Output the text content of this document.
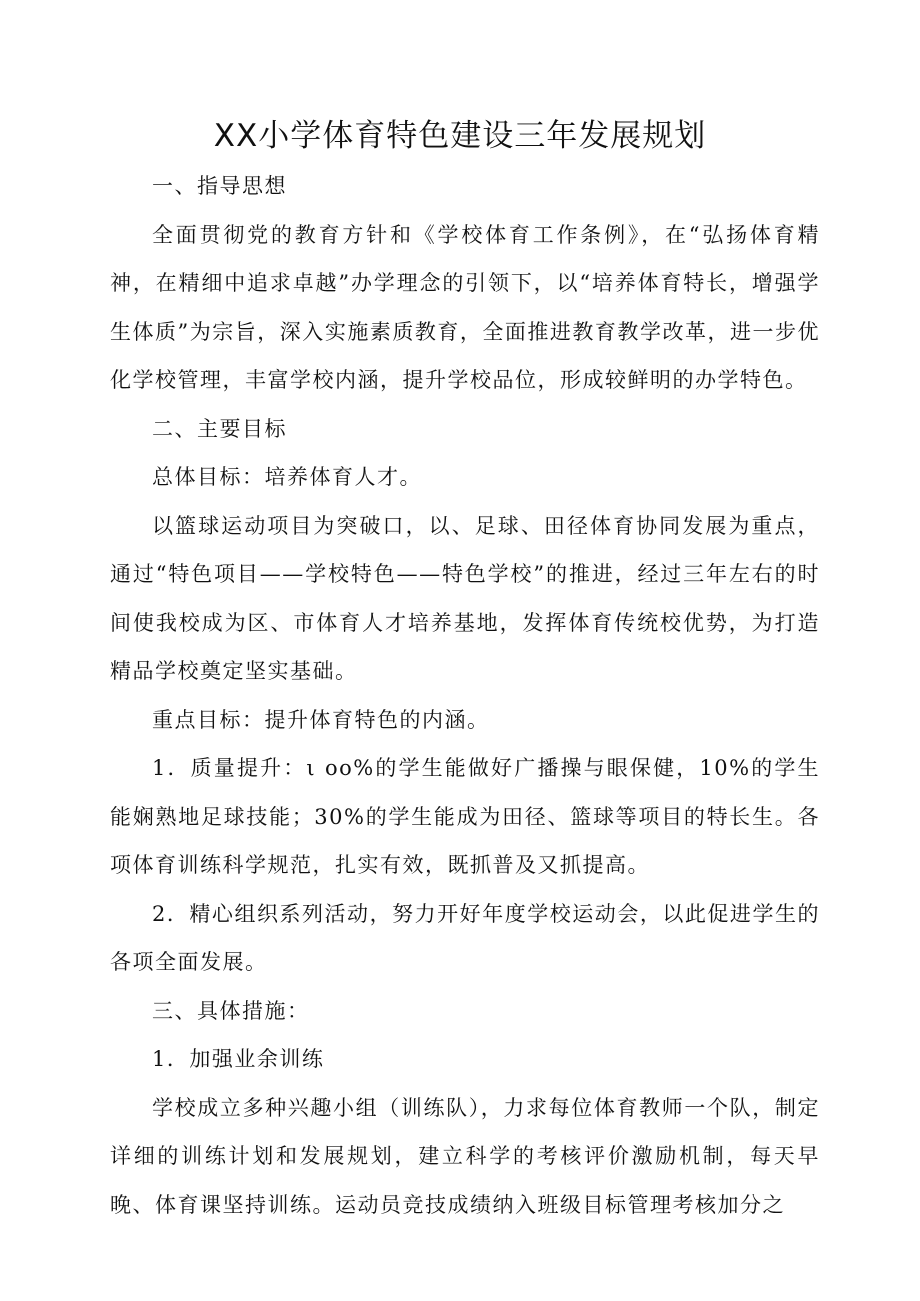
XX小学体育特色建设三年发展规划

一、指导思想

全面贯彻党的教育方针和《学校体育工作条例》，在“弘扬体育精神，在精细中追求卓越”办学理念的引领下，以“培养体育特长，增强学生体质”为宗旨，深入实施素质教育，全面推进教育教学改革，进一步优化学校管理，丰富学校内涵，提升学校品位，形成较鲜明的办学特色。

二、主要目标

总体目标：培养体育人才。

以篮球运动项目为突破口，以、足球、田径体育协同发展为重点，通过“特色项目——学校特色——特色学校”的推进，经过三年左右的时间使我校成为区、市体育人才培养基地，发挥体育传统校优势，为打造精品学校奠定坚实基础。

重点目标：提升体育特色的内涵。

1．质量提升：ι oo%的学生能做好广播操与眼保健，10%的学生能娴熟地足球技能；30%的学生能成为田径、篮球等项目的特长生。各项体育训练科学规范，扎实有效，既抓普及又抓提高。

2．精心组织系列活动，努力开好年度学校运动会，以此促进学生的各项全面发展。

三、具体措施：

1．加强业余训练

学校成立多种兴趣小组（训练队），力求每位体育教师一个队，制定详细的训练计划和发展规划，建立科学的考核评价激励机制，每天早晚、体育课坚持训练。运动员竞技成绩纳入班级目标管理考核加分之
